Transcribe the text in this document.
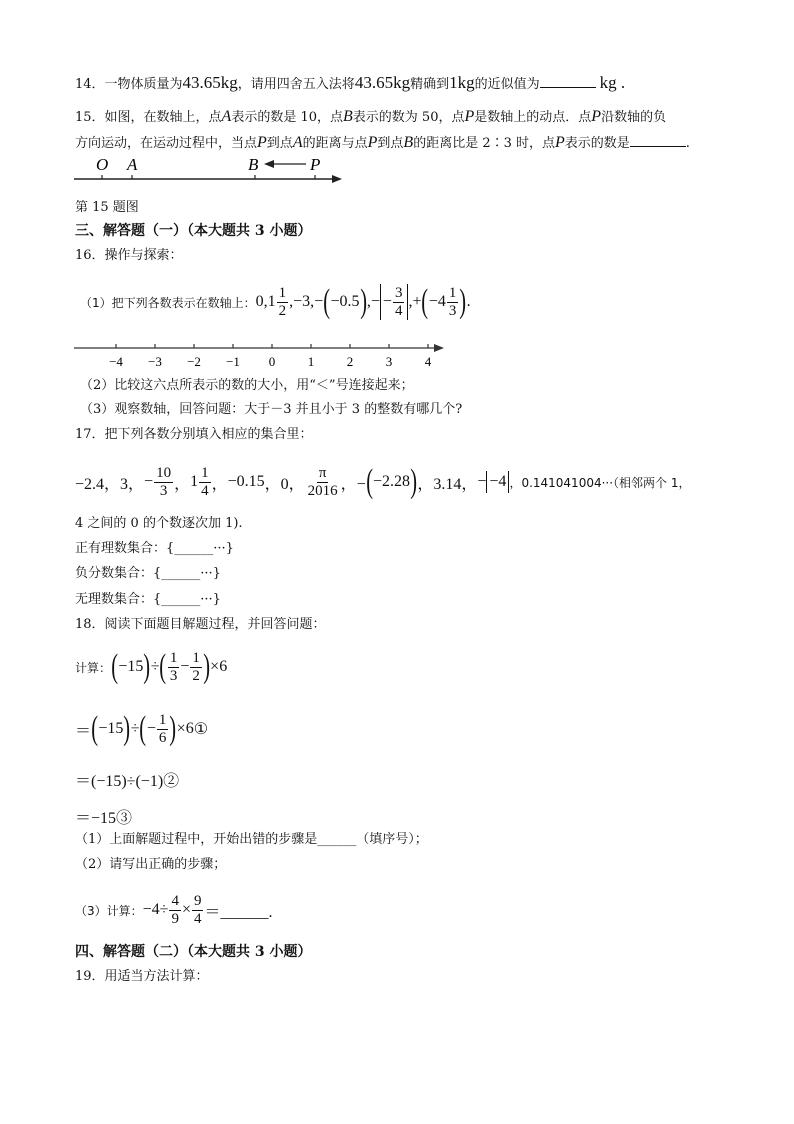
14．一物体质量为43.65kg，请用四舍五入法将43.65kg精确到1kg的近似值为	kg .
15．如图，在数轴上，点A表示的数是 10，点B表示的数为 50，点P是数轴上的动点．点P沿数轴的负
方向运动，在运动过程中，当点P到点A的距离与点P到点B的距离比是 2∶3 时，点P表示的数是	.
O A	B	P
第 15 题图
三、解答题（一）（本大题共 3 小题）
16．操作与探索：
（1）把下列各数表示在数轴上： 0, $1 \frac{1}{2} ,-3,-$ ( −0.5 ) ,− − $\frac{3}{4}$ ,+ ( $-4 \frac{1}{3}$ ) .
−4 −3 −2 −1 0	1	2	3	4
（2）比较这六点所表示的数的大小，用“＜”号连接起来；
（3）观察数轴，回答问题：大于－3 并且小于 3 的整数有哪几个?
17．把下列各数分别填入相应的集合里：
−2.4，3， − $\frac{10}{3}$ ， $1 \frac{1}{4}$ ， −0.15 ，0， $\frac{\pi}{2016}$ ，− ( −2.28 ) ，3.14， − −4 ，0.141041004···（相邻两个 1，
4 之间的 0 的个数逐次加 1).
正有理数集合：{______···}
负分数集合：{______···}
无理数集合：{______···}
18．阅读下面题目解题过程，并回答问题：
计算： ( −15 ) ÷ ( $\frac{1}{3} - \frac{1}{2}$ ) ×6
＝ ( −15 ) ÷ ( − $\frac{1}{6}$ ) ×6 ①
＝(−15)÷(−1)②
＝−15③
（1）上面解题过程中，开始出错的步骤是______（填序号）；
（2）请写出正确的步骤；
（3）计算： $-4\div \frac{4}{9} \times \frac{9}{4}$ ＝______.
四、解答题（二）（本大题共 3 小题）
19．用适当方法计算：
